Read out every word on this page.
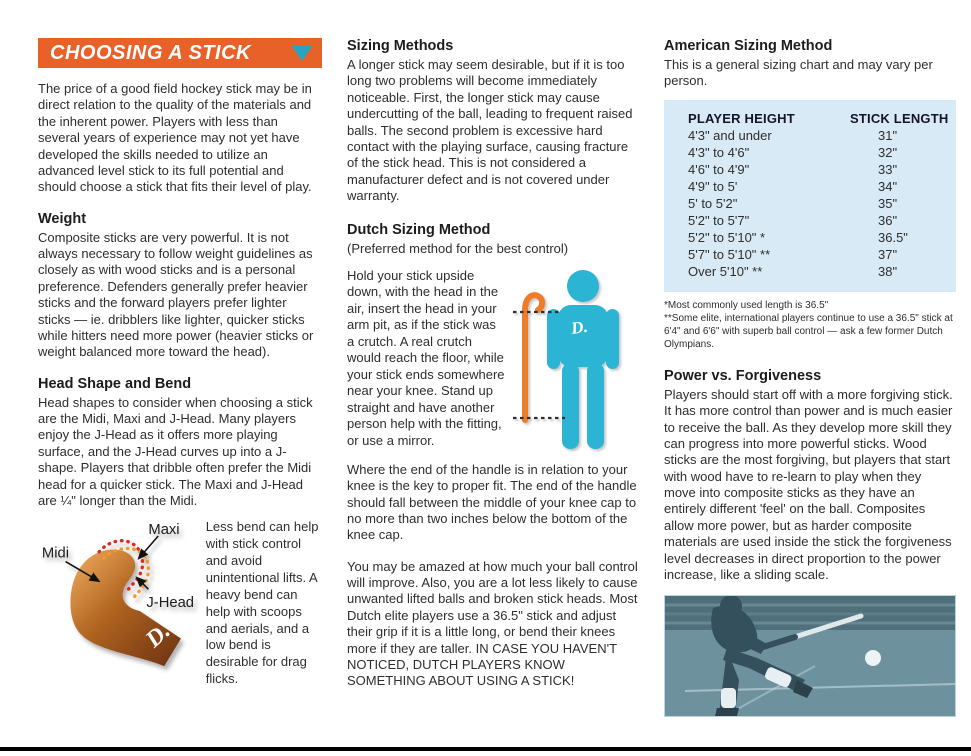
CHOOSING A STICK

The price of a good field hockey stick may be in direct relation to the quality of the materials and the inherent power. Players with less than several years of experience may not yet have developed the skills needed to utilize an advanced level stick to its full potential and should choose a stick that fits their level of play.

Weight

Composite sticks are very powerful. It is not always necessary to follow weight guidelines as closely as with wood sticks and is a personal preference. Defenders generally prefer heavier sticks and the forward players prefer lighter sticks — ie. dribblers like lighter, quicker sticks while hitters need more power (heavier sticks or weight balanced more toward the head).

Head Shape and Bend

Head shapes to consider when choosing a stick are the Midi, Maxi and J-Head. Many players enjoy the J-Head as it offers more playing surface, and the J-Head curves up into a J-shape. Players that dribble often prefer the Midi head for a quicker stick. The Maxi and J-Head are ¼" longer than the Midi.

Midi
Maxi
J-Head
D.
Less bend can help with stick control and avoid unintentional lifts. A heavy bend can help with scoops and aerials, and a low bend is desirable for drag flicks.
Sizing Methods

A longer stick may seem desirable, but if it is too long two problems will become immediately noticeable. First, the longer stick may cause undercutting of the ball, leading to frequent raised balls. The second problem is excessive hard contact with the playing surface, causing fracture of the stick head. This is not considered a manufacturer defect and is not covered under warranty.

Dutch Sizing Method
(Preferred method for the best control)
Hold your stick upside down, with the head in the air, insert the head in your arm pit, as if the stick was a crutch. A real crutch would reach the floor, while your stick ends somewhere near your knee. Stand up straight and have another person help with the fitting, or use a mirror.
D.

Where the end of the handle is in relation to your knee is the key to proper fit. The end of the handle should fall between the middle of your knee cap to no more than two inches below the bottom of the knee cap.

You may be amazed at how much your ball control will improve. Also, you are a lot less likely to cause unwanted lifted balls and broken stick heads. Most Dutch elite players use a 36.5" stick and adjust their grip if it is a little long, or bend their knees more if they are taller. IN CASE YOU HAVEN'T NOTICED, DUTCH PLAYERS KNOW SOMETHING ABOUT USING A STICK!

American Sizing Method
This is a general sizing chart and may vary per person.
PLAYER HEIGHT	STICK LENGTH
4'3" and under	31"
4'3" to 4'6"	32"
4'6" to 4'9"	33"
4'9" to 5'	34"
5' to 5'2"	35"
5'2" to 5'7"	36"
5'2" to 5'10" *	36.5"
5'7" to 5'10" **	37"
Over 5'10" **	38"
*Most commonly used length is 36.5"
**Some elite, international players continue to use a 36.5" stick at 6'4" and 6'6" with superb ball control — ask a few former Dutch Olympians.
Power vs. Forgiveness

Players should start off with a more forgiving stick. It has more control than power and is much easier to receive the ball. As they develop more skill they can progress into more powerful sticks. Wood sticks are the most forgiving, but players that start with wood have to re-learn to play when they move into composite sticks as they have an entirely different 'feel' on the ball. Composites allow more power, but as harder composite materials are used inside the stick the forgiveness level decreases in direct proportion to the power increase, like a sliding scale.
